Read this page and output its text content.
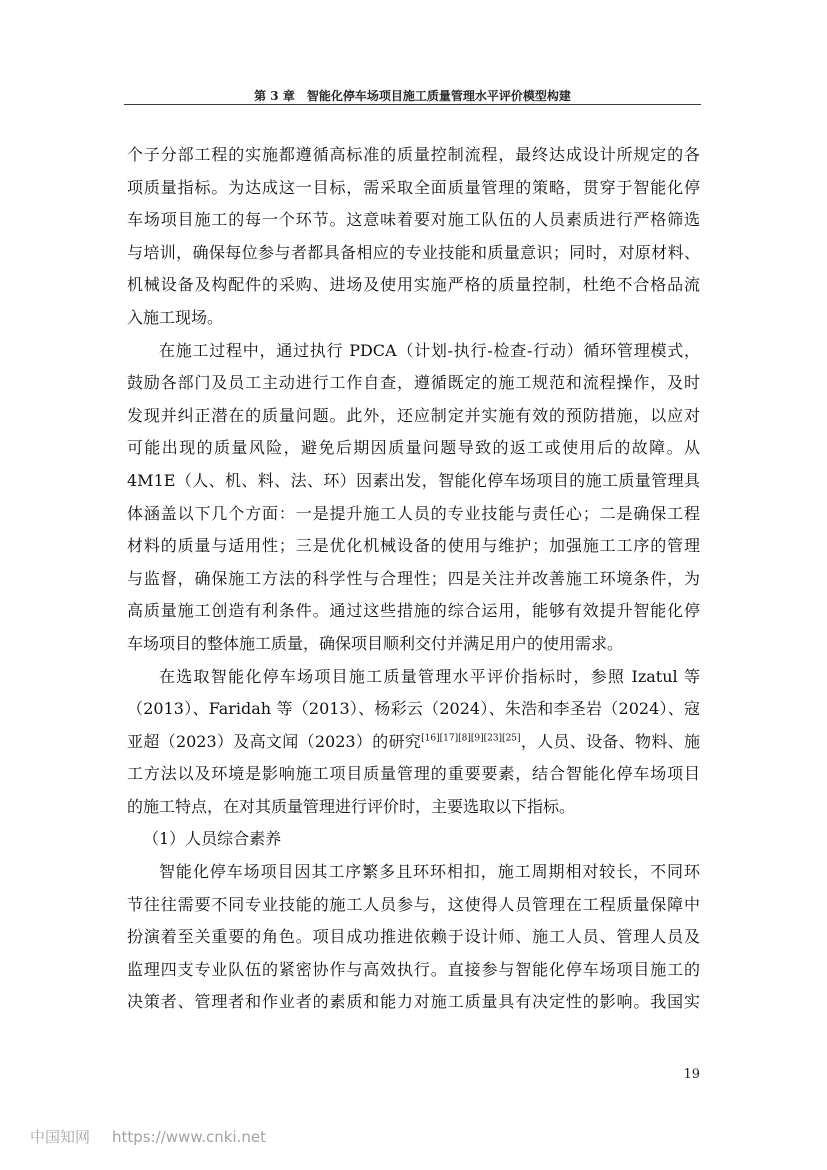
第 3 章 智能化停车场项目施工质量管理水平评价模型构建
个子分部工程的实施都遵循高标准的质量控制流程，最终达成设计所规定的各
项质量指标。为达成这一目标，需采取全面质量管理的策略，贯穿于智能化停
车场项目施工的每一个环节。这意味着要对施工队伍的人员素质进行严格筛选
与培训，确保每位参与者都具备相应的专业技能和质量意识；同时，对原材料、
机械设备及构配件的采购、进场及使用实施严格的质量控制，杜绝不合格品流
入施工现场。
在施工过程中，通过执行 PDCA（计划-执行-检查-行动）循环管理模式，
鼓励各部门及员工主动进行工作自查，遵循既定的施工规范和流程操作，及时
发现并纠正潜在的质量问题。此外，还应制定并实施有效的预防措施，以应对
可能出现的质量风险，避免后期因质量问题导致的返工或使用后的故障。从
4M1E（人、机、料、法、环）因素出发，智能化停车场项目的施工质量管理具
体涵盖以下几个方面：一是提升施工人员的专业技能与责任心；二是确保工程
材料的质量与适用性；三是优化机械设备的使用与维护；加强施工工序的管理
与监督，确保施工方法的科学性与合理性；四是关注并改善施工环境条件，为
高质量施工创造有利条件。通过这些措施的综合运用，能够有效提升智能化停
车场项目的整体施工质量，确保项目顺利交付并满足用户的使用需求。
在选取智能化停车场项目施工质量管理水平评价指标时，参照 Izatul 等
（2013）、Faridah 等（2013）、杨彩云（2024）、朱浩和李圣岩（2024）、寇
亚超（2023）及高文闻（2023）的研究[16][17][8][9][23][25]，人员、设备、物料、施
工方法以及环境是影响施工项目质量管理的重要要素，结合智能化停车场项目
的施工特点，在对其质量管理进行评价时，主要选取以下指标。
（1）人员综合素养
智能化停车场项目因其工序繁多且环环相扣，施工周期相对较长，不同环
节往往需要不同专业技能的施工人员参与，这使得人员管理在工程质量保障中
扮演着至关重要的角色。项目成功推进依赖于设计师、施工人员、管理人员及
监理四支专业队伍的紧密协作与高效执行。直接参与智能化停车场项目施工的
决策者、管理者和作业者的素质和能力对施工质量具有决定性的影响。我国实
19
中国知网 https://www.cnki.net
